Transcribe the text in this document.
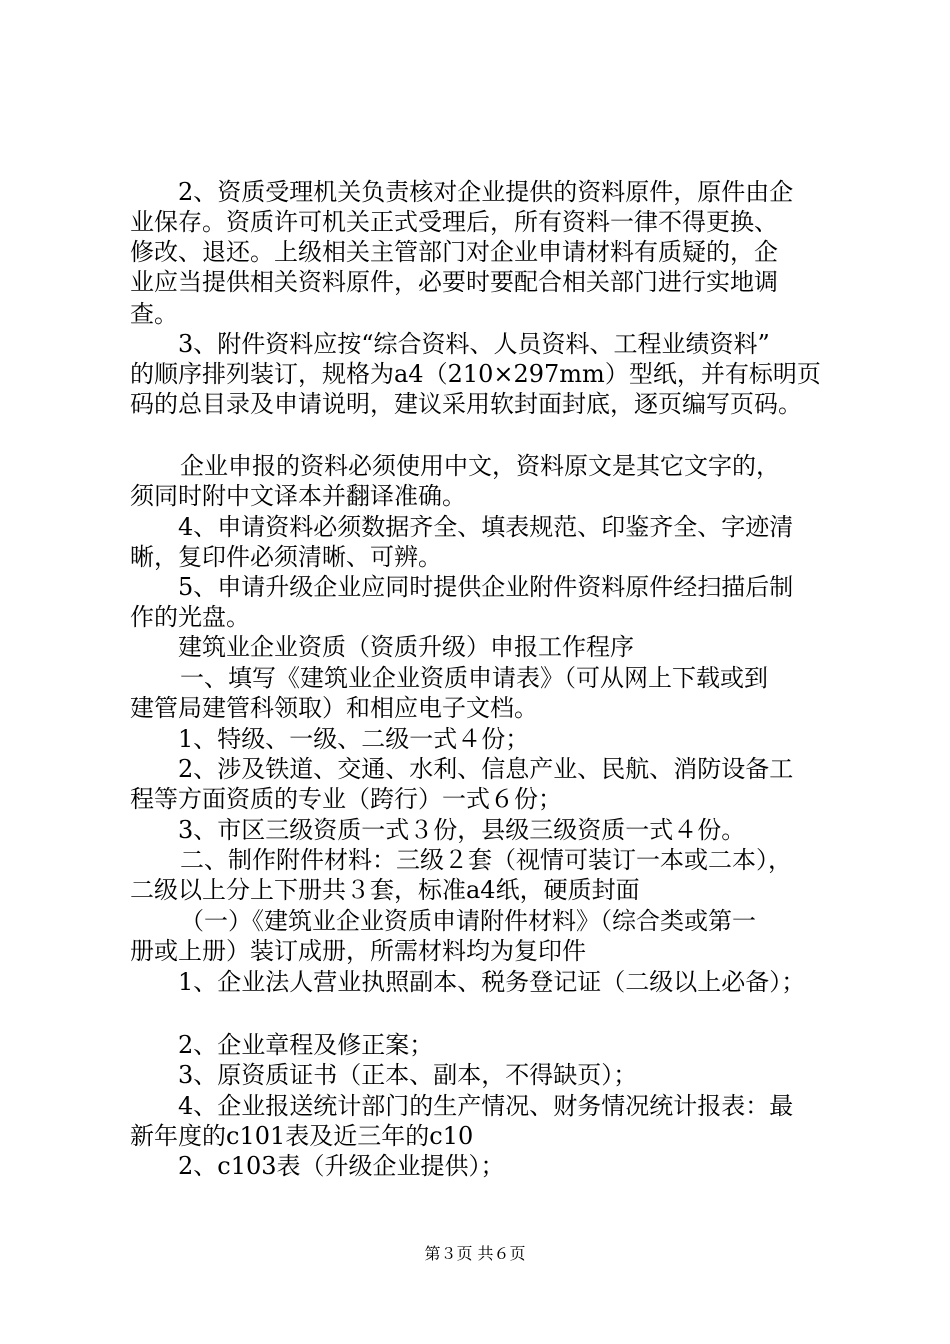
2、资质受理机关负责核对企业提供的资料原件，原件由企
业保存。资质许可机关正式受理后，所有资料一律不得更换、
修改、退还。上级相关主管部门对企业申请材料有质疑的，企
业应当提供相关资料原件，必要时要配合相关部门进行实地调
查。
3、附件资料应按“综合资料、人员资料、工程业绩资料”
的顺序排列装订，规格为a4（210×297mm）型纸，并有标明页
码的总目录及申请说明，建议采用软封面封底，逐页编写页码。
企业申报的资料必须使用中文，资料原文是其它文字的，
须同时附中文译本并翻译准确。
4、申请资料必须数据齐全、填表规范、印鉴齐全、字迹清
晰，复印件必须清晰、可辨。
5、申请升级企业应同时提供企业附件资料原件经扫描后制
作的光盘。
建筑业企业资质（资质升级）申报工作程序
一、填写《建筑业企业资质申请表》（可从网上下载或到
建管局建管科领取）和相应电子文档。
1、特级、一级、二级一式４份；
2、涉及铁道、交通、水利、信息产业、民航、消防设备工
程等方面资质的专业（跨行）一式６份；
3、市区三级资质一式３份，县级三级资质一式４份。
二、制作附件材料：三级２套（视情可装订一本或二本），
二级以上分上下册共３套，标准a4纸，硬质封面
（一）《建筑业企业资质申请附件材料》（综合类或第一
册或上册）装订成册，所需材料均为复印件
1、企业法人营业执照副本、税务登记证（二级以上必备）；
2、企业章程及修正案；
3、原资质证书（正本、副本，不得缺页）；
4、企业报送统计部门的生产情况、财务情况统计报表：最
新年度的c101表及近三年的c10
2、c103表（升级企业提供）；
第３页 共６页
